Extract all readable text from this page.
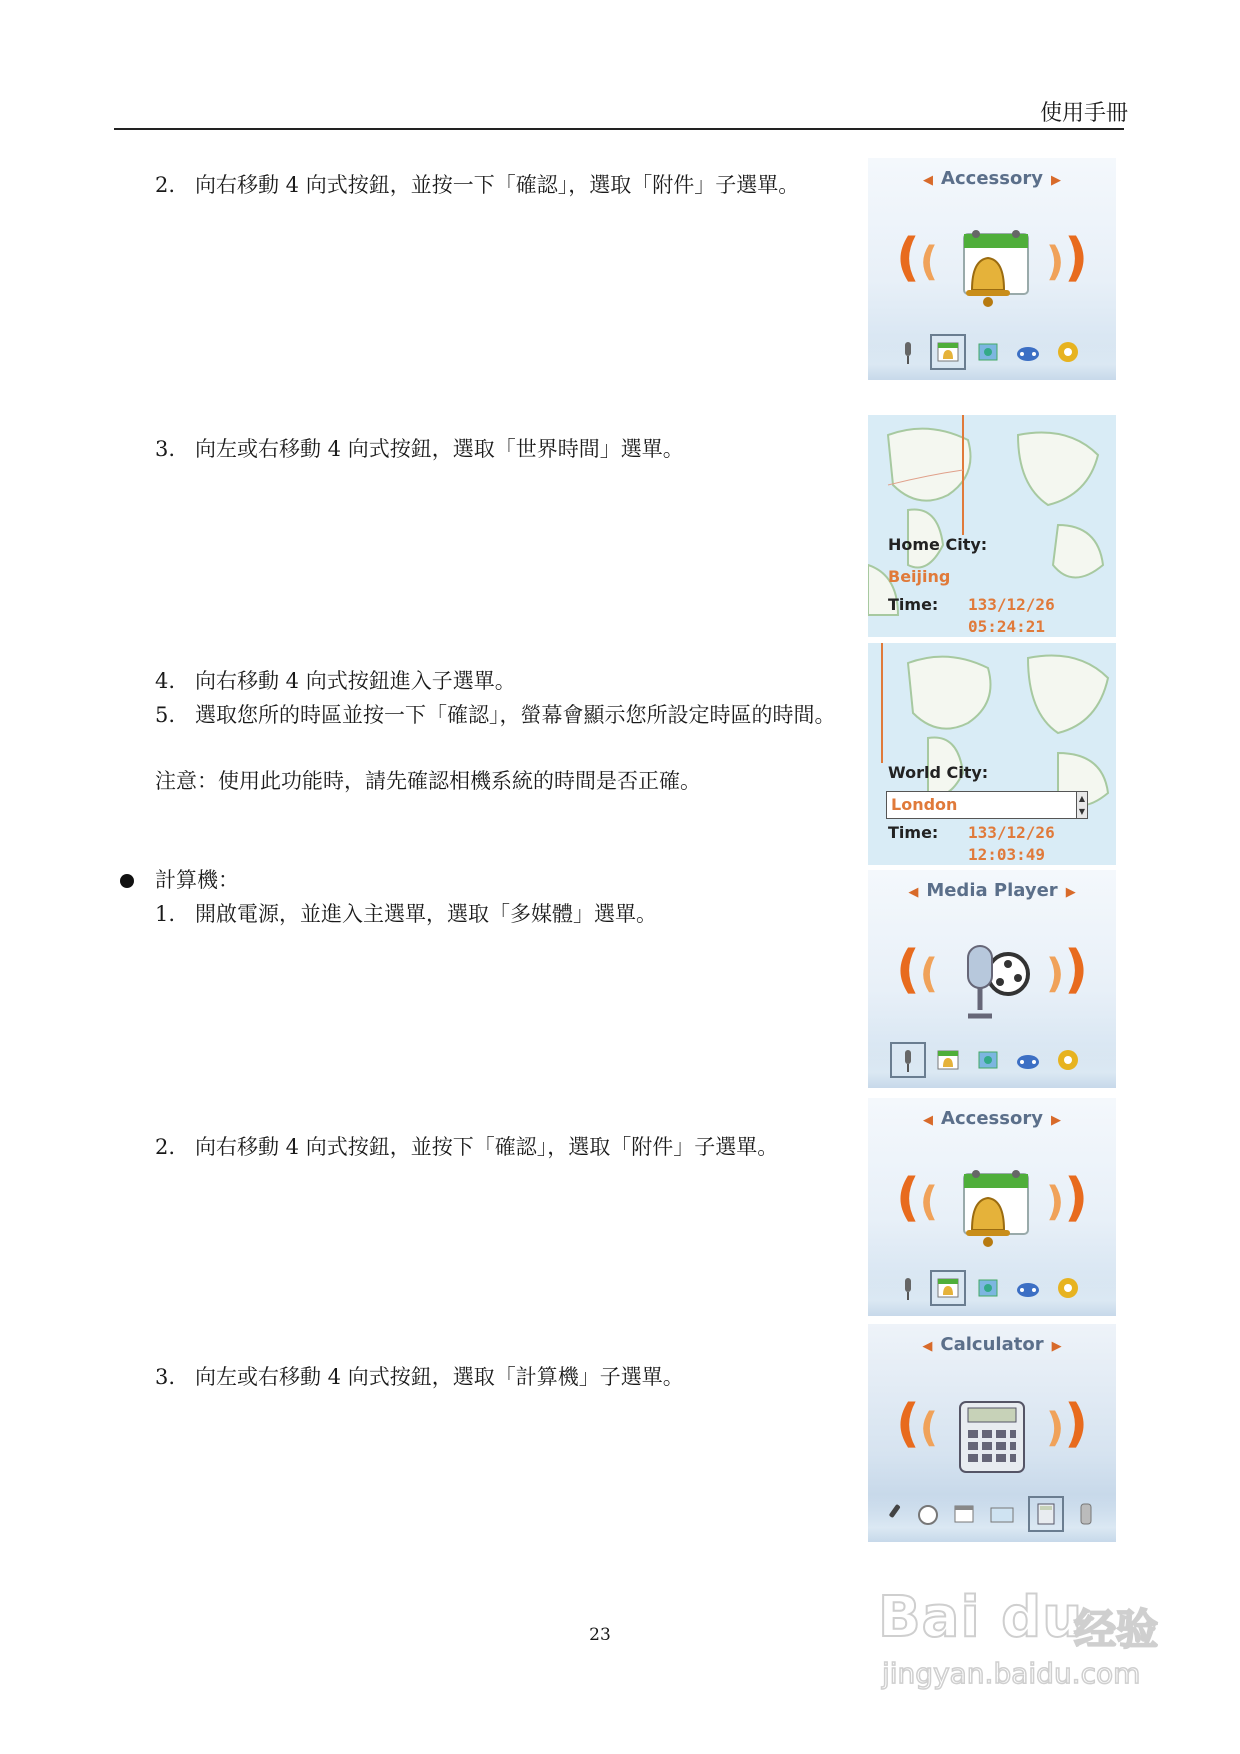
使用手冊
2. 向右移動 4 向式按鈕，並按一下「確認」，選取「附件」子選單。
3. 向左或右移動 4 向式按鈕，選取「世界時間」選單。
4. 向右移動 4 向式按鈕進入子選單。
5. 選取您所的時區並按一下「確認」，螢幕會顯示您所設定時區的時間。
注意：使用此功能時，請先確認相機系統的時間是否正確。
計算機：
1. 開啟電源，並進入主選單，選取「多媒體」選單。
2. 向右移動 4 向式按鈕，並按下「確認」，選取「附件」子選單。
3. 向左或右移動 4 向式按鈕，選取「計算機」子選單。
◀ Accessory ▶
((	))
Home City:
Beijing
Time: 133/12/26
05:24:21
World City:
London	▲
▼
Time: 133/12/26
12:03:49
◀ Media Player ▶
((	))
◀ Accessory ▶
((	))
◀ Calculator ▶
((	))
23	Bai du
经验
jingyan.baidu.com
